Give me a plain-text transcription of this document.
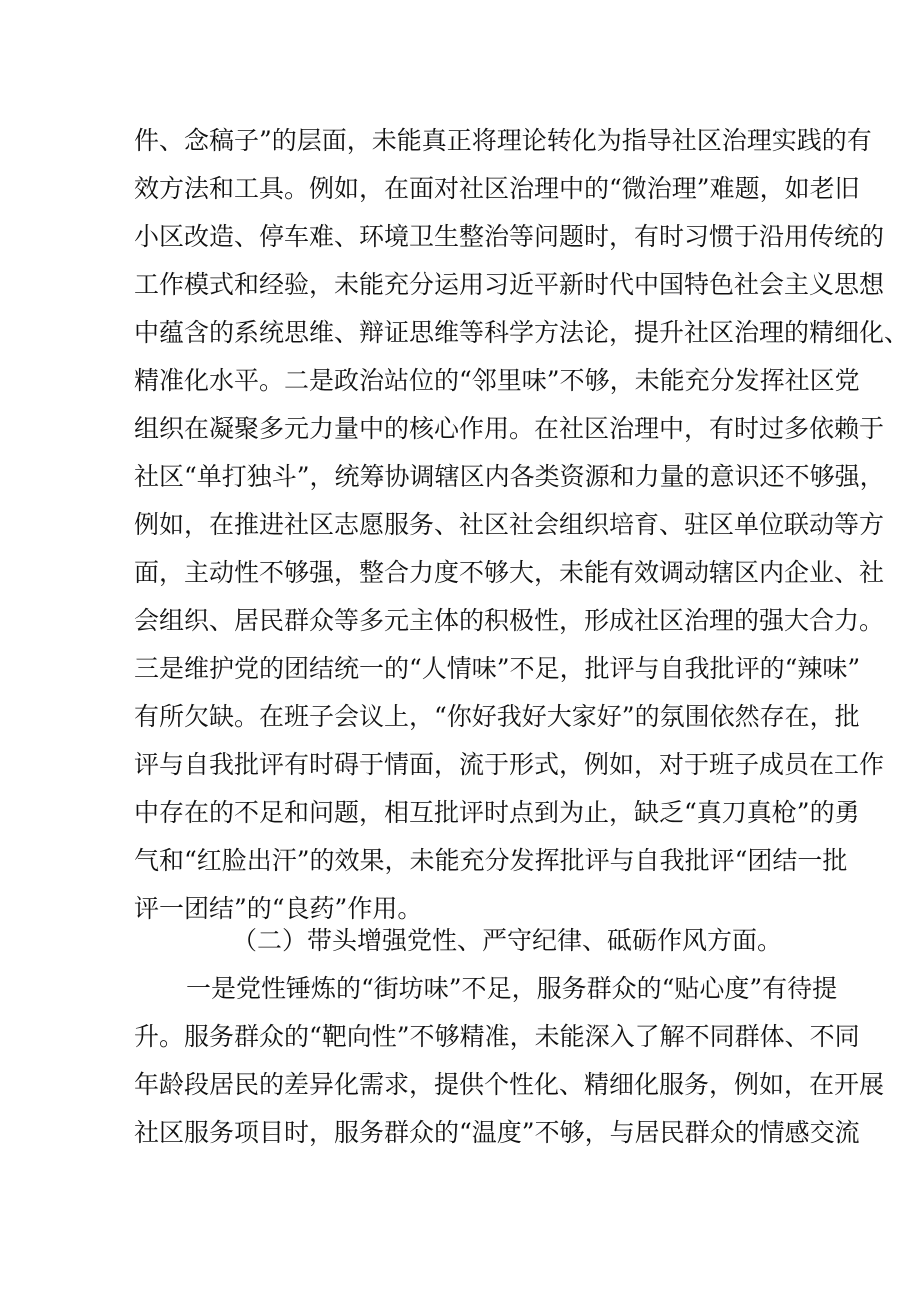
件、念稿子”的层面，未能真正将理论转化为指导社区治理实践的有
效方法和工具。例如，在面对社区治理中的“微治理”难题，如老旧
小区改造、停车难、环境卫生整治等问题时，有时习惯于沿用传统的
工作模式和经验，未能充分运用习近平新时代中国特色社会主义思想
中蕴含的系统思维、辩证思维等科学方法论，提升社区治理的精细化、
精准化水平。二是政治站位的“邻里味”不够，未能充分发挥社区党
组织在凝聚多元力量中的核心作用。在社区治理中，有时过多依赖于
社区“单打独斗”，统筹协调辖区内各类资源和力量的意识还不够强，
例如，在推进社区志愿服务、社区社会组织培育、驻区单位联动等方
面，主动性不够强，整合力度不够大，未能有效调动辖区内企业、社
会组织、居民群众等多元主体的积极性，形成社区治理的强大合力。
三是维护党的团结统一的“人情味”不足，批评与自我批评的“辣味”
有所欠缺。在班子会议上，“你好我好大家好”的氛围依然存在，批
评与自我批评有时碍于情面，流于形式，例如，对于班子成员在工作
中存在的不足和问题，相互批评时点到为止，缺乏“真刀真枪”的勇
气和“红脸出汗”的效果，未能充分发挥批评与自我批评“团结一批
评一团结”的“良药”作用。
（二）带头增强党性、严守纪律、砥砺作风方面。
一是党性锤炼的“街坊味”不足，服务群众的“贴心度”有待提
升。服务群众的“靶向性”不够精准，未能深入了解不同群体、不同
年龄段居民的差异化需求，提供个性化、精细化服务，例如，在开展
社区服务项目时，服务群众的“温度”不够，与居民群众的情感交流
